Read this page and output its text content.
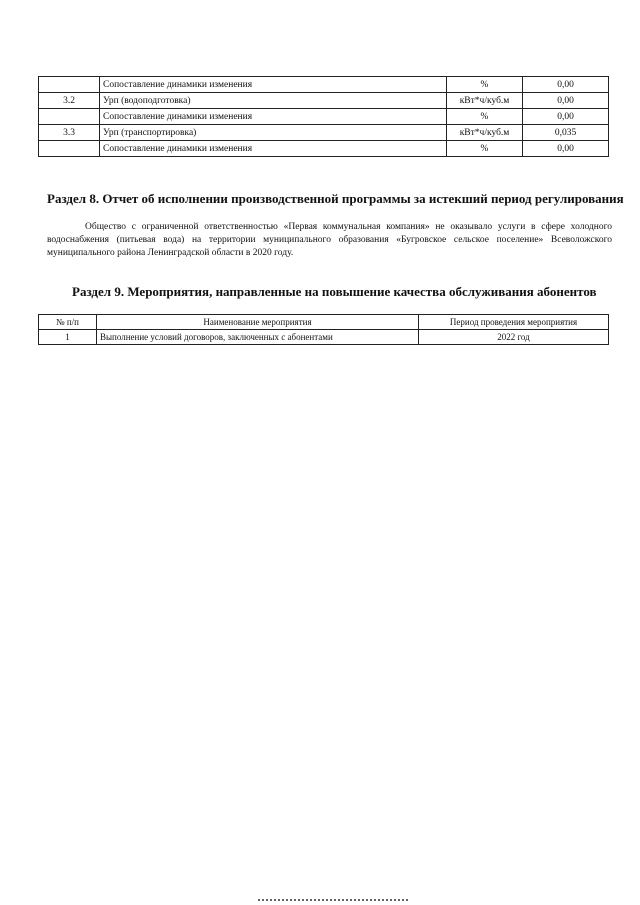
	Сопоставление динамики изменения	%	0,00
3.2	Урп (водоподготовка)	кВт*ч/куб.м	0,00
	Сопоставление динамики изменения	%	0,00
3.3	Урп (транспортировка)	кВт*ч/куб.м	0,035
	Сопоставление динамики изменения	%	0,00
Раздел 8. Отчет об исполнении производственной программы за истекший период регулирования

Общество с ограниченной ответственностью «Первая коммунальная компания» не оказывало услуги в сфере холодного водоснабжения (питьевая вода) на территории муниципального образования «Бугровское сельское поселение» Всеволожского муниципального района Ленинградской области в 2020 году.

Раздел 9. Мероприятия, направленные на повышение качества обслуживания абонентов
№ п/п	Наименование мероприятия	Период проведения мероприятия
1	Выполнение условий договоров, заключенных с абонентами	2022 год
